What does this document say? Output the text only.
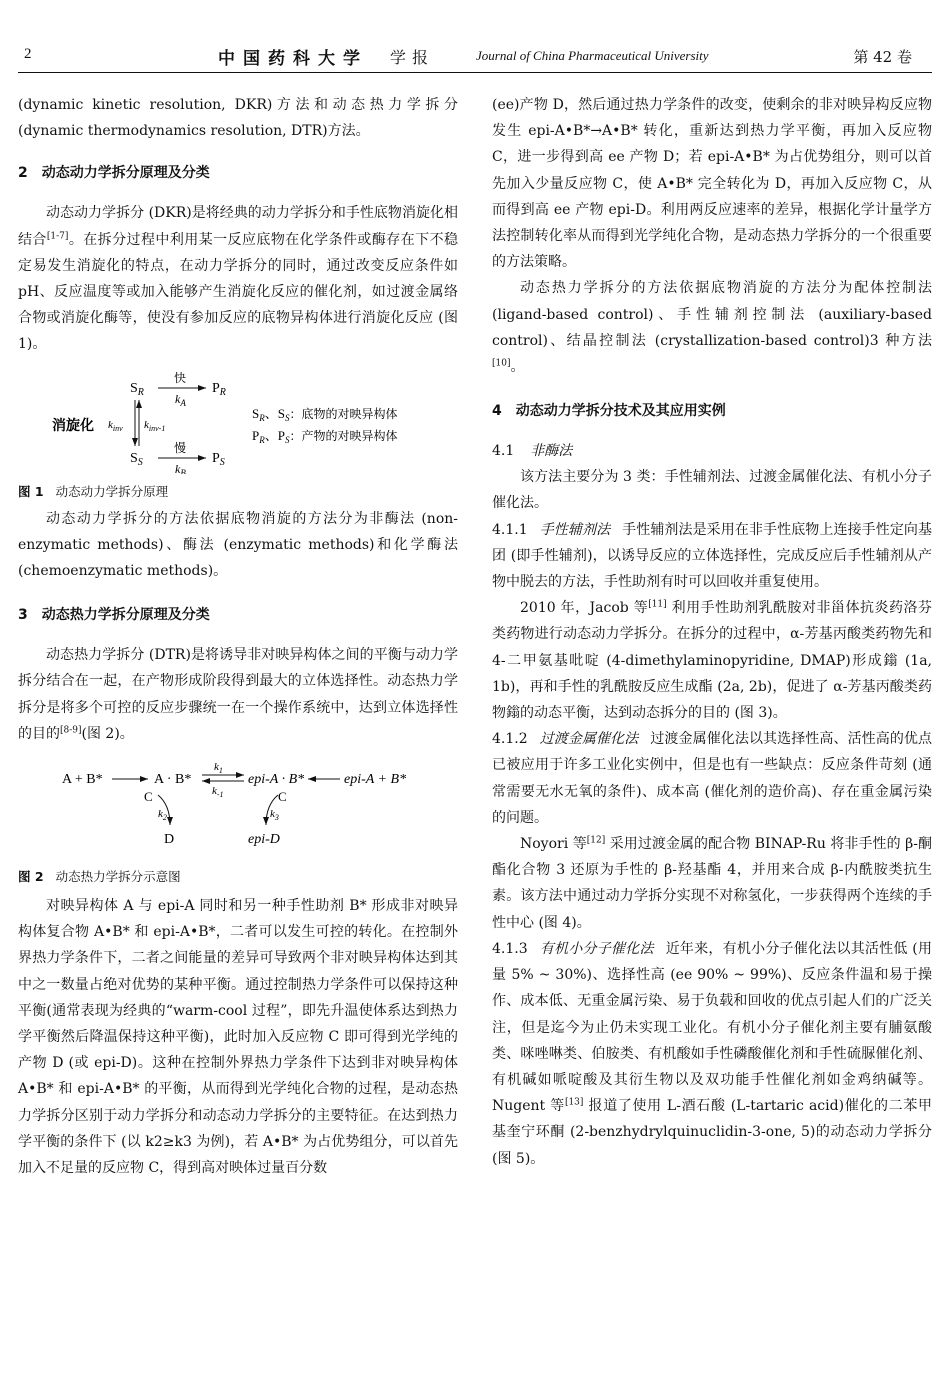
2	中国药科大学 学报	Journal of China Pharmaceutical University	第 42 卷

(dynamic kinetic resolution, DKR)方法和动态热力学拆分(dynamic thermodynamics resolution, DTR)方法。

2　动态动力学拆分原理及分类

动态动力学拆分 (DKR)是将经典的动力学拆分和手性底物消旋化相结合[1-7]。在拆分过程中利用某一反应底物在化学条件或酶存在下不稳定易发生消旋化的特点，在动力学拆分的同时，通过改变反应条件如 pH、反应温度等或加入能够产生消旋化反应的催化剂，如过渡金属络合物或消旋化酶等，使没有参加反应的底物异构体进行消旋化反应 (图 1)。

$S_R$
快
$k_A$
$P_R$
消旋化 $k_{inv}$ $k_{inv-1}$
$S_S$
慢
$k_B$
$P_S$
$S_R$、$S_S$：底物的对映异构体
$P_R$、$P_S$：产物的对映异构体

图 1 动态动力学拆分原理

动态动力学拆分的方法依据底物消旋的方法分为非酶法 (non-enzymatic methods)、酶法 (enzymatic methods)和化学酶法 (chemoenzymatic methods)。

3　动态热力学拆分原理及分类

动态热力学拆分 (DTR)是将诱导非对映异构体之间的平衡与动力学拆分结合在一起，在产物形成阶段得到最大的立体选择性。动态热力学拆分是将多个可控的反应步骤统一在一个操作系统中，达到立体选择性的目的[8-9](图 2)。

A + B*	A · B*
$k_1$
$k_{-1}$
epi-A · B*	epi-A + B*
C
$k_2$
D
C
$k_3$
epi-D

图 2 动态热力学拆分示意图

对映异构体 A 与 epi-A 同时和另一种手性助剂 B* 形成非对映异构体复合物 A•B* 和 epi-A•B*，二者可以发生可控的转化。在控制外界热力学条件下，二者之间能量的差异可导致两个非对映异构体达到其中之一数量占绝对优势的某种平衡。通过控制热力学条件可以保持这种平衡(通常表现为经典的“warm-cool 过程”，即先升温使体系达到热力学平衡然后降温保持这种平衡)，此时加入反应物 C 即可得到光学纯的产物 D (或 epi-D)。这种在控制外界热力学条件下达到非对映异构体 A•B* 和 epi-A•B* 的平衡，从而得到光学纯化合物的过程，是动态热力学拆分区别于动力学拆分和动态动力学拆分的主要特征。在达到热力学平衡的条件下 (以 k2≥k3 为例)，若 A•B* 为占优势组分，可以首先加入不足量的反应物 C，得到高对映体过量百分数

(ee)产物 D，然后通过热力学条件的改变，使剩余的非对映异构反应物发生 epi-A•B*→A•B* 转化，重新达到热力学平衡，再加入反应物 C，进一步得到高 ee 产物 D；若 epi-A•B* 为占优势组分，则可以首先加入少量反应物 C，使 A•B* 完全转化为 D，再加入反应物 C，从而得到高 ee 产物 epi-D。利用两反应速率的差异，根据化学计量学方法控制转化率从而得到光学纯化合物，是动态热力学拆分的一个很重要的方法策略。

动态热力学拆分的方法依据底物消旋的方法分为配体控制法 (ligand-based control)、手性辅剂控制法 (auxiliary-based control)、结晶控制法 (crystallization-based control)3 种方法[10]。

4　动态动力学拆分技术及其应用实例

4.1 非酶法

该方法主要分为 3 类：手性辅剂法、过渡金属催化法、有机小分子催化法。

4.1.1 手性辅剂法 手性辅剂法是采用在非手性底物上连接手性定向基团 (即手性辅剂)，以诱导反应的立体选择性，完成反应后手性辅剂从产物中脱去的方法，手性助剂有时可以回收并重复使用。

2010 年，Jacob 等[11] 利用手性助剂乳酰胺对非甾体抗炎药洛芬类药物进行动态动力学拆分。在拆分的过程中，α-芳基丙酸类药物先和 4-二甲氨基吡啶 (4-dimethylaminopyridine, DMAP)形成鎓 (1a, 1b)，再和手性的乳酰胺反应生成酯 (2a, 2b)，促进了 α-芳基丙酸类药物鎓的动态平衡，达到动态拆分的目的 (图 3)。

4.1.2 过渡金属催化法 过渡金属催化法以其选择性高、活性高的优点已被应用于许多工业化实例中，但是也有一些缺点：反应条件苛刻 (通常需要无水无氧的条件)、成本高 (催化剂的造价高)、存在重金属污染的问题。

Noyori 等[12] 采用过渡金属的配合物 BINAP-Ru 将非手性的 β-酮酯化合物 3 还原为手性的 β-羟基酯 4，并用来合成 β-内酰胺类抗生素。该方法中通过动力学拆分实现不对称氢化，一步获得两个连续的手性中心 (图 4)。

4.1.3 有机小分子催化法 近年来，有机小分子催化法以其活性低 (用量 5% ~ 30%)、选择性高 (ee 90% ~ 99%)、反应条件温和易于操作、成本低、无重金属污染、易于负载和回收的优点引起人们的广泛关注，但是迄今为止仍未实现工业化。有机小分子催化剂主要有脯氨酸类、咪唑啉类、伯胺类、有机酸如手性磷酸催化剂和手性硫脲催化剂、有机碱如哌啶酸及其衍生物以及双功能手性催化剂如金鸡纳碱等。Nugent 等[13] 报道了使用 L-酒石酸 (L-tartaric acid)催化的二苯甲基奎宁环酮 (2-benzhydrylquinuclidin-3-one, 5)的动态动力学拆分 (图 5)。
